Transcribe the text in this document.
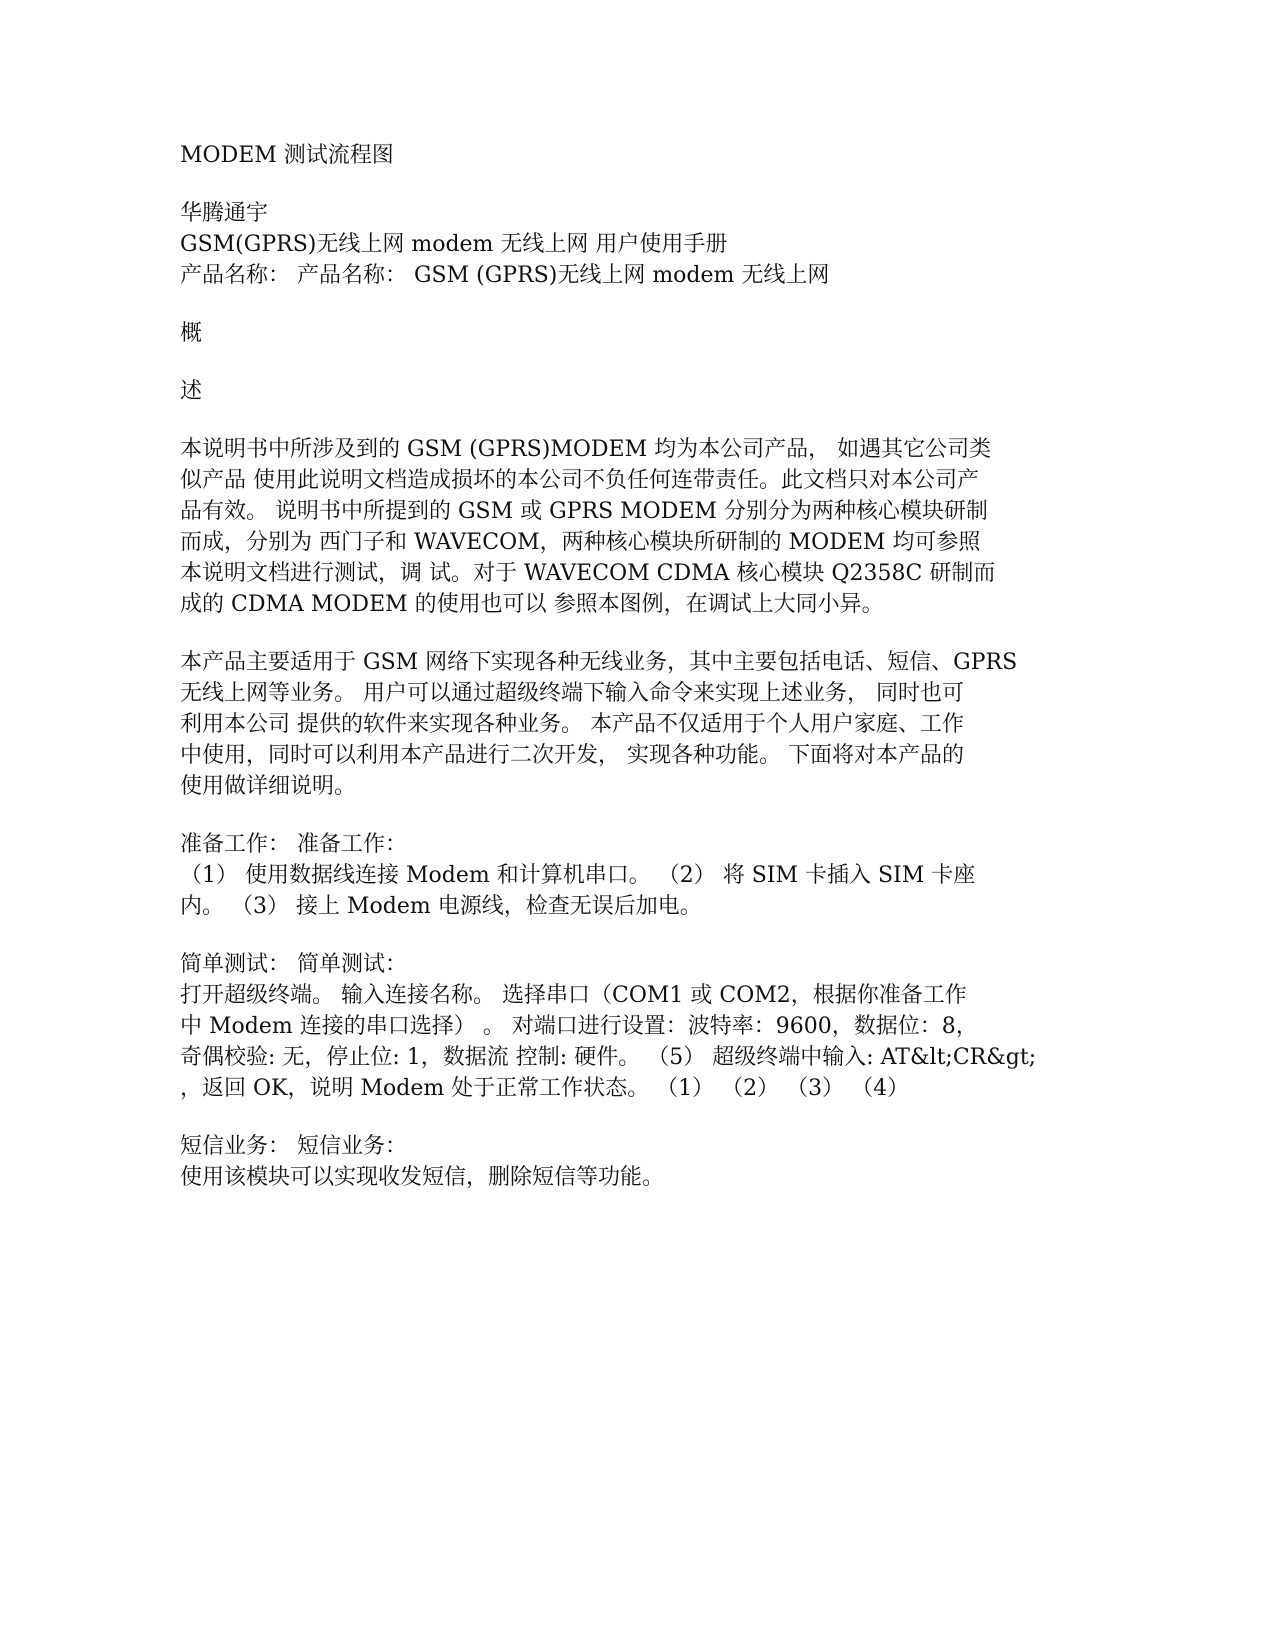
MODEM 测试流程图

华腾通宇

GSM(GPRS)无线上网 modem 无线上网 用户使用手册

产品名称： 产品名称： GSM (GPRS)无线上网 modem 无线上网

概

述

本说明书中所涉及到的 GSM (GPRS)MODEM 均为本公司产品， 如遇其它公司类

似产品 使用此说明文档造成损坏的本公司不负任何连带责任。此文档只对本公司产

品有效。 说明书中所提到的 GSM 或 GPRS MODEM 分别分为两种核心模块研制

而成，分别为 西门子和 WAVECOM，两种核心模块所研制的 MODEM 均可参照

本说明文档进行测试，调 试。对于 WAVECOM CDMA 核心模块 Q2358C 研制而

成的 CDMA MODEM 的使用也可以 参照本图例，在调试上大同小异。

本产品主要适用于 GSM 网络下实现各种无线业务，其中主要包括电话、短信、GPRS

无线上网等业务。 用户可以通过超级终端下输入命令来实现上述业务， 同时也可

利用本公司 提供的软件来实现各种业务。 本产品不仅适用于个人用户家庭、工作

中使用，同时可以利用本产品进行二次开发， 实现各种功能。 下面将对本产品的

使用做详细说明。

准备工作： 准备工作：

（1） 使用数据线连接 Modem 和计算机串口。 （2） 将 SIM 卡插入 SIM 卡座

内。 （3） 接上 Modem 电源线，检查无误后加电。

简单测试： 简单测试：

打开超级终端。 输入连接名称。 选择串口（COM1 或 COM2，根据你准备工作

中 Modem 连接的串口选择） 。 对端口进行设置：波特率：9600，数据位：8，

奇偶校验: 无，停止位: 1，数据流 控制: 硬件。 （5） 超级终端中输入: AT&lt;CR&gt;

，返回 OK，说明 Modem 处于正常工作状态。 （1） （2） （3） （4）

短信业务： 短信业务：

使用该模块可以实现收发短信，删除短信等功能。
